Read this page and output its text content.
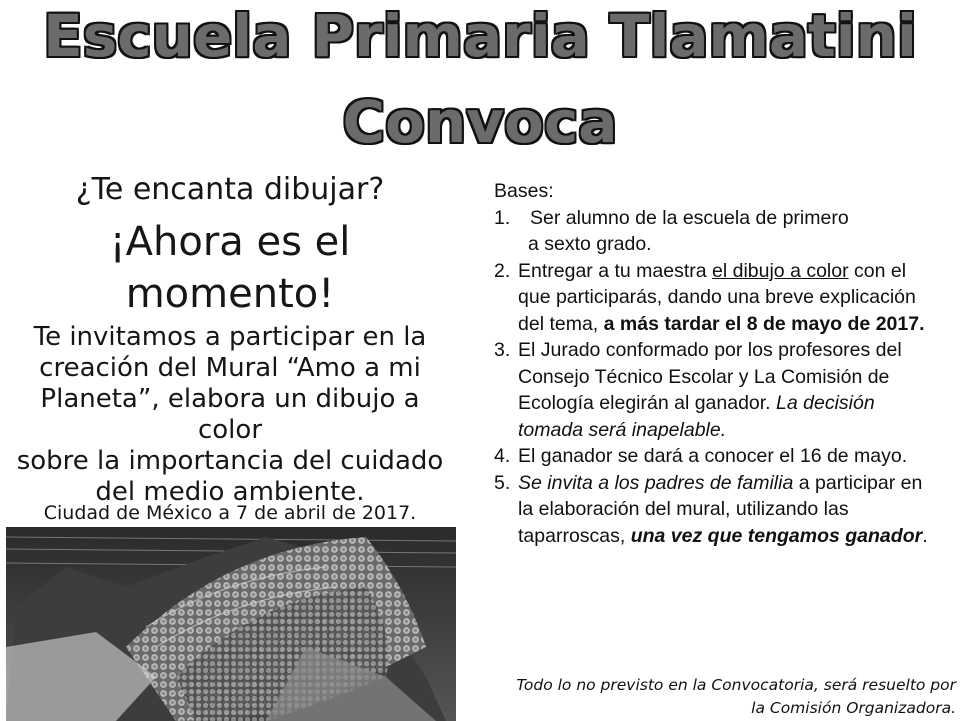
Escuela Primaria Tlamatini
Convoca
¿Te encanta dibujar?
¡Ahora es el
momento!
Te invitamos a participar en la
creación del Mural “Amo a mi
Planeta”, elabora un dibujo a color
sobre la importancia del cuidado
del medio ambiente.
Ciudad de México a 7 de abril de 2017.
Bases:
1. Ser alumno de la escuela de primero
a sexto grado.
2. Entregar a tu maestra el dibujo a color con el que participarás, dando una breve explicación del tema, a más tardar el 8 de mayo de 2017.
3. El Jurado conformado por los profesores del Consejo Técnico Escolar y La Comisión de Ecología elegirán al ganador. La decisión tomada será inapelable.
4. El ganador se dará a conocer el 16 de mayo.
5. Se invita a los padres de familia a participar en la elaboración del mural, utilizando las taparroscas, una vez que tengamos ganador.
Todo lo no previsto en la Convocatoria, será resuelto por
la Comisión Organizadora.
